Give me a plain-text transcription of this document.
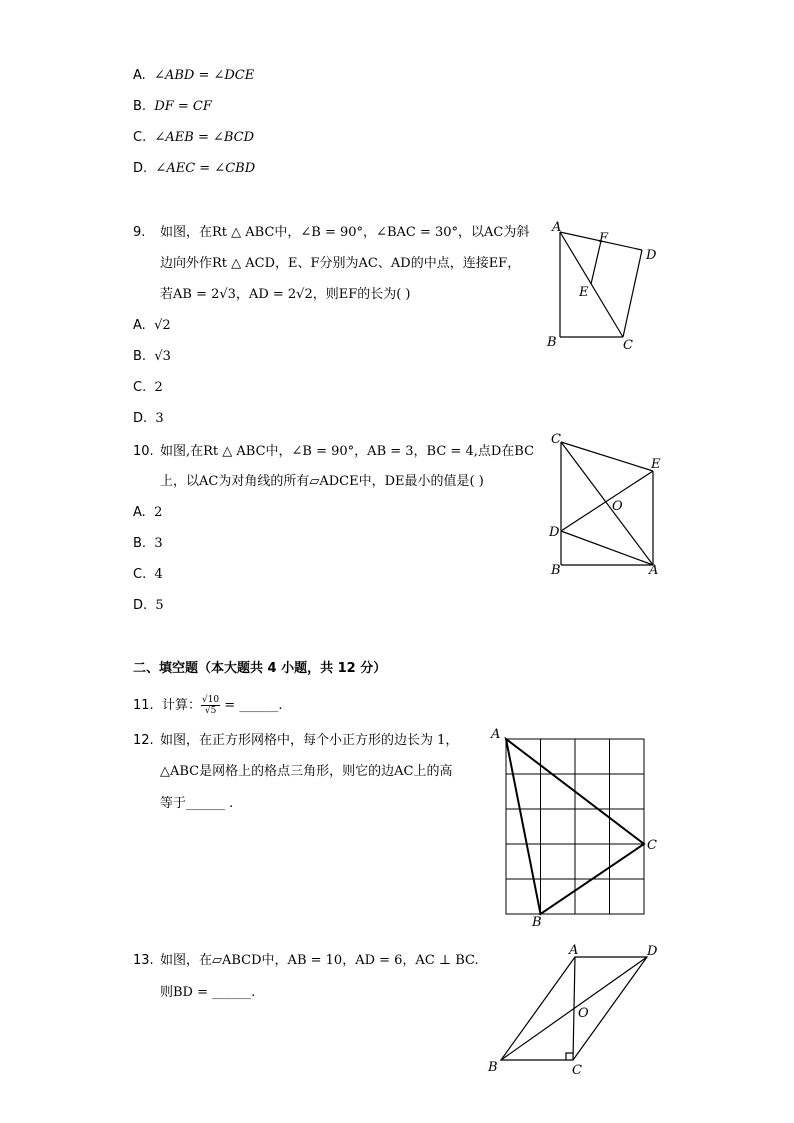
A. ∠ABD = ∠DCE
B. DF = CF
C. ∠AEB = ∠BCD
D. ∠AEC = ∠CBD
9. 如图，在Rt △ ABC中，∠B = 90°，∠BAC = 30°，以AC为斜
边向外作Rt △ ACD，E、F分别为AC、AD的中点，连接EF，
若AB = 2√3，AD = 2√2，则EF的长为( )
A. √2
B. √3
C. 2
D. 3
A
B	C
D
E
F
10. 如图,在Rt △ ABC中，∠B = 90°，AB = 3，BC = 4,点D在BC
上，以AC为对角线的所有▱ADCE中，DE最小的值是( )
A. 2
B. 3
C. 4
D. 5
C
D
B	A
E
O
二、填空题（本大题共 4 小题，共 12 分）
11. 计算： $\frac{√10}{√5}$ = ______.
12. 如图，在正方形网格中，每个小正方形的边长为 1，
△ABC是网格上的格点三角形，则它的边AC上的高
等于______ .
A
C
B
13. 如图，在▱ABCD中，AB = 10，AD = 6，AC ⊥ BC.
则BD = ______.
A	D
B	C
O
